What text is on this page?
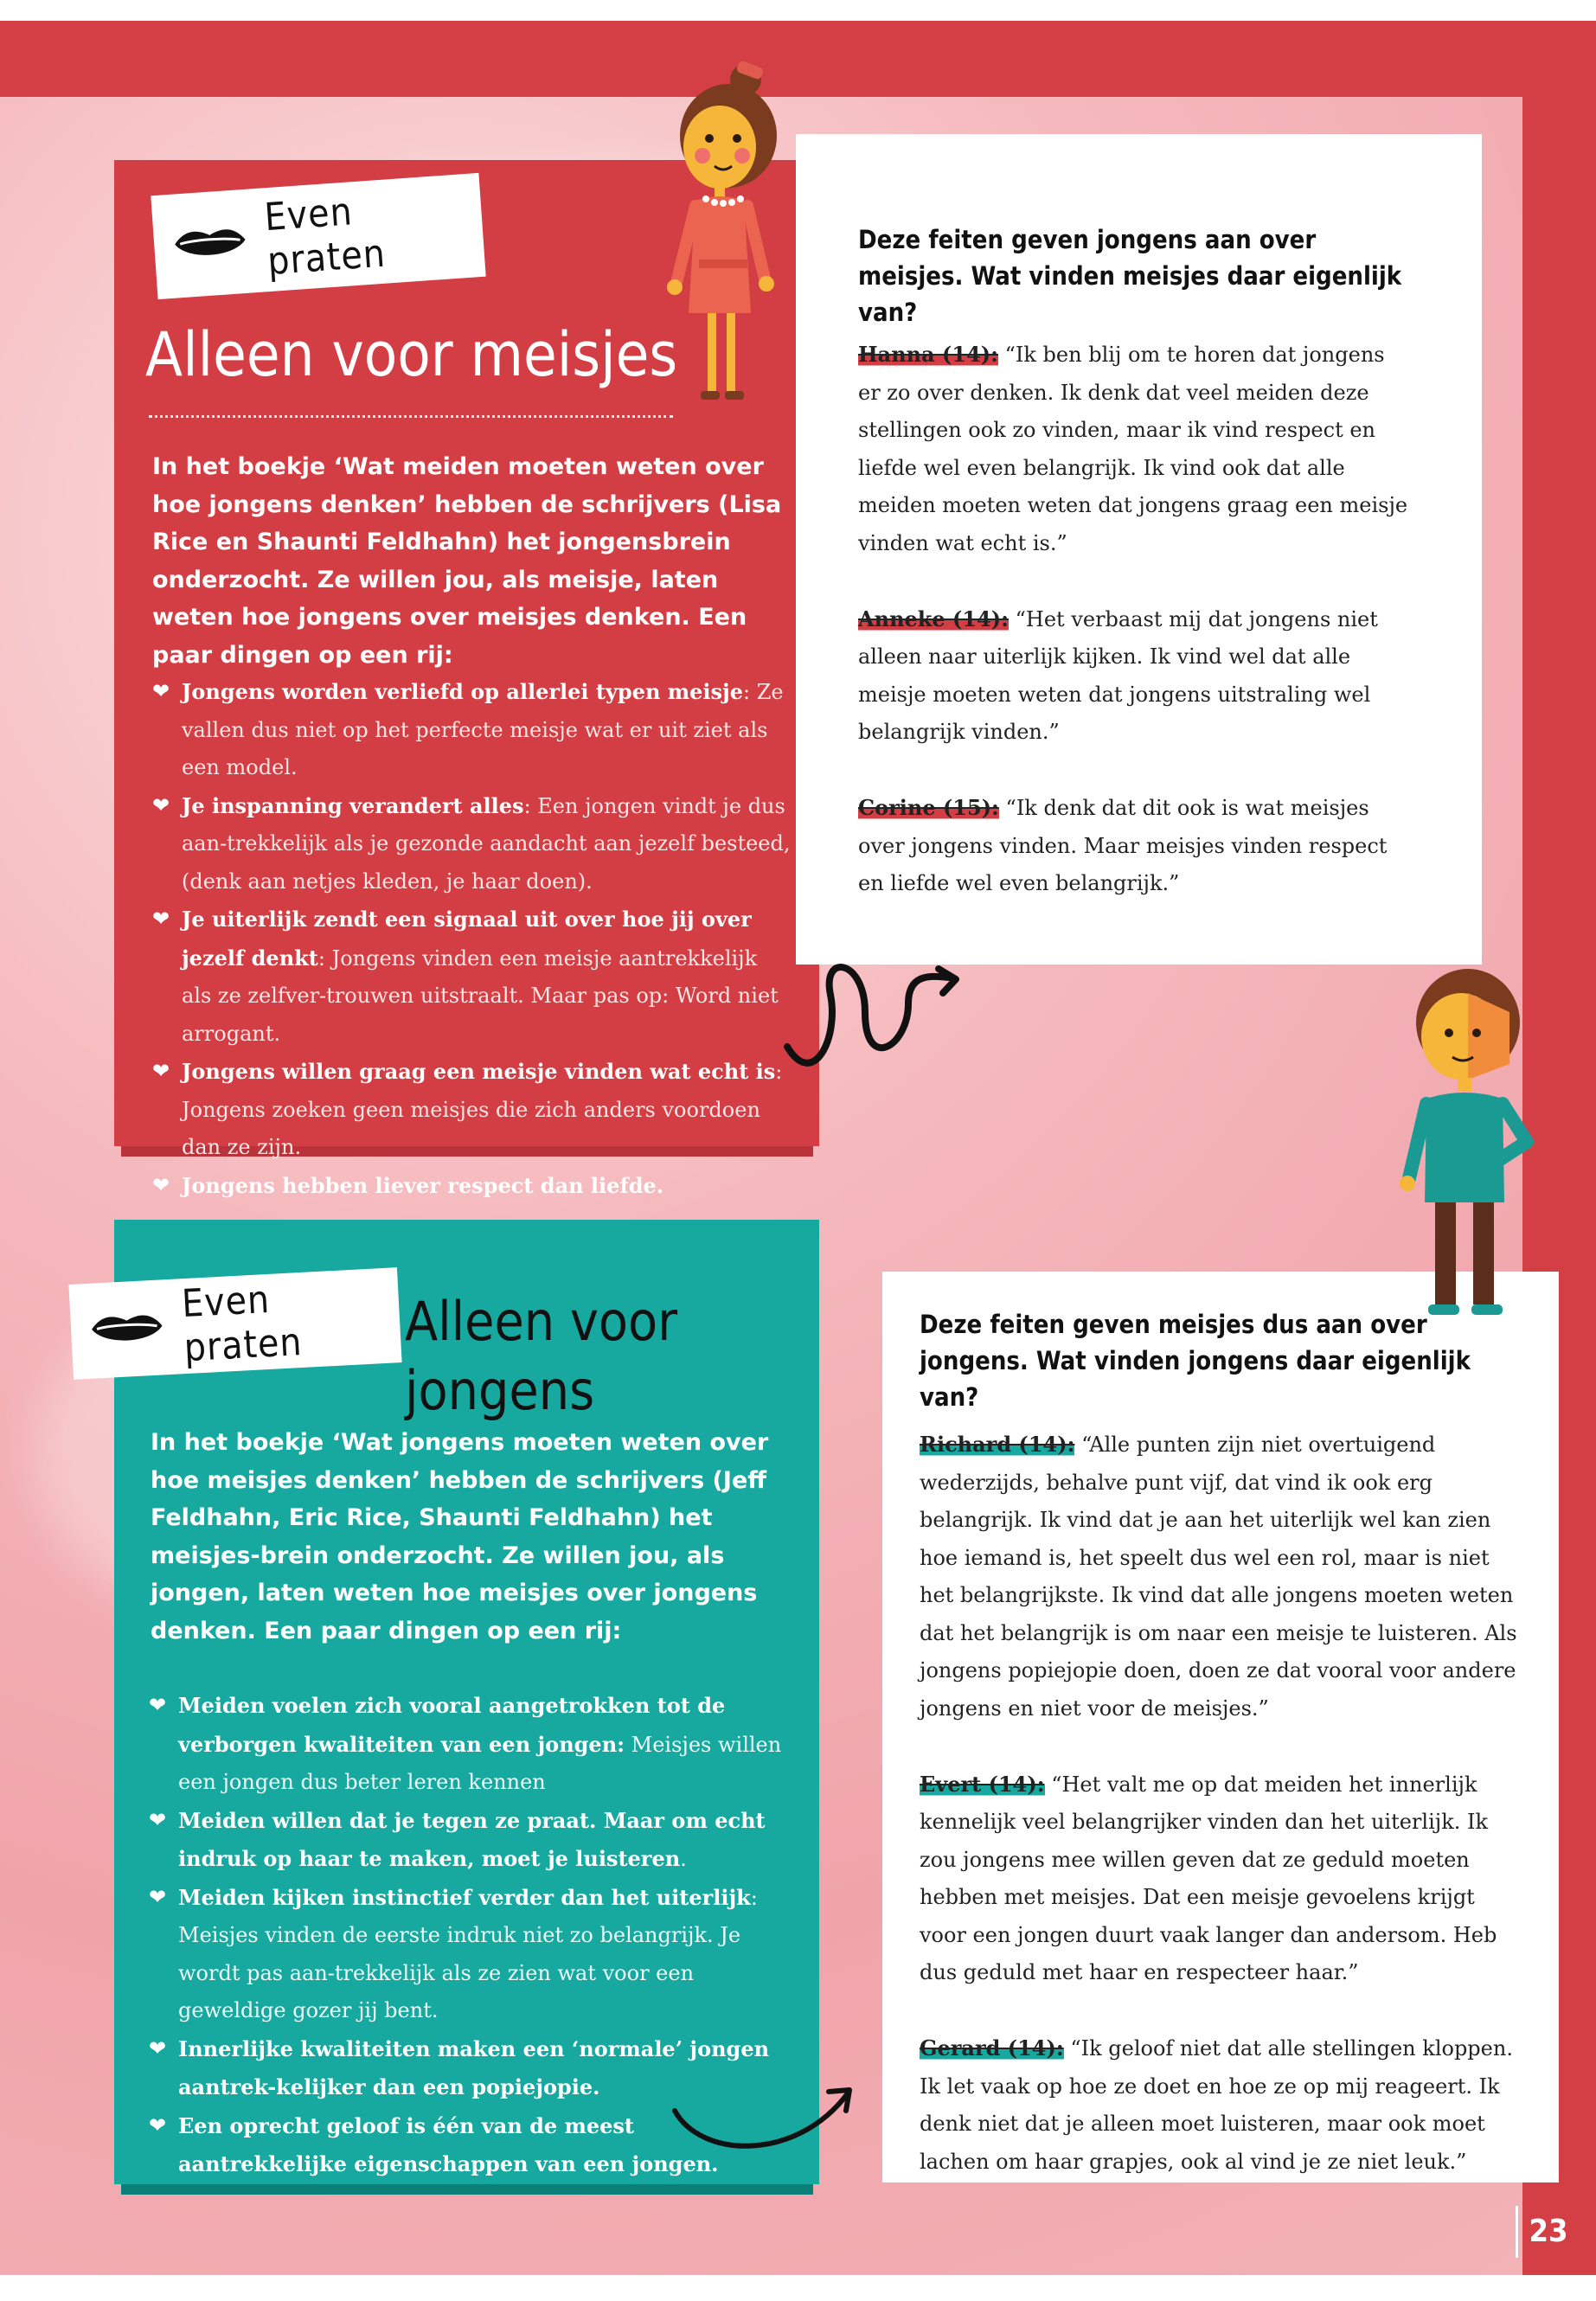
23
Even praten
Alleen voor meisjes
In het boekje ‘Wat meiden moeten weten over hoe jongens denken’ hebben de schrijvers (Lisa Rice en Shaunti Feldhahn) het jongensbrein onderzocht. Ze willen jou, als meisje, laten weten hoe jongens over meisjes denken. Een paar dingen op een rij:
❤ Jongens worden verliefd op allerlei typen meisje: Ze vallen dus niet op het perfecte meisje wat er uit ziet als een model.
❤ Je inspanning verandert alles: Een jongen vindt je dus aan-trekkelijk als je gezonde aandacht aan jezelf besteed, (denk aan netjes kleden, je haar doen).
❤ Je uiterlijk zendt een signaal uit over hoe jij over jezelf denkt: Jongens vinden een meisje aantrekkelijk als ze zelfver-trouwen uitstraalt. Maar pas op: Word niet arrogant.
❤ Jongens willen graag een meisje vinden wat echt is: Jongens zoeken geen meisjes die zich anders voordoen dan ze zijn.
❤ Jongens hebben liever respect dan liefde.
Deze feiten geven jongens aan over meisjes. Wat vinden meisjes daar eigenlijk van?

Hanna (14): “Ik ben blij om te horen dat jongens er zo over denken. Ik denk dat veel meiden deze stellingen ook zo vinden, maar ik vind respect en liefde wel even belangrijk. Ik vind ook dat alle meiden moeten weten dat jongens graag een meisje vinden wat echt is.”

Anneke (14): “Het verbaast mij dat jongens niet alleen naar uiterlijk kijken. Ik vind wel dat alle meisje moeten weten dat jongens uitstraling wel belangrijk vinden.”

Corine (15): “Ik denk dat dit ook is wat meisjes over jongens vinden. Maar meisjes vinden respect en liefde wel even belangrijk.”

Even praten	Alleen voor jongens
In het boekje ‘Wat jongens moeten weten over hoe meisjes denken’ hebben de schrijvers (Jeff Feldhahn, Eric Rice, Shaunti Feldhahn) het meisjes-brein onderzocht. Ze willen jou, als jongen, laten weten hoe meisjes over jongens denken. Een paar dingen op een rij:
❤ Meiden voelen zich vooral aangetrokken tot de verborgen kwaliteiten van een jongen: Meisjes willen een jongen dus beter leren kennen
❤ Meiden willen dat je tegen ze praat. Maar om echt indruk op haar te maken, moet je luisteren.
❤ Meiden kijken instinctief verder dan het uiterlijk: Meisjes vinden de eerste indruk niet zo belangrijk. Je wordt pas aan-trekkelijk als ze zien wat voor een geweldige gozer jij bent.
❤ Innerlijke kwaliteiten maken een ‘normale’ jongen aantrek-kelijker dan een popiejopie.
❤ Een oprecht geloof is één van de meest aantrekkelijke eigenschappen van een jongen.
Deze feiten geven meisjes dus aan over jongens. Wat vinden jongens daar eigenlijk van?

Richard (14): “Alle punten zijn niet overtuigend wederzijds, behalve punt vijf, dat vind ik ook erg belangrijk. Ik vind dat je aan het uiterlijk wel kan zien hoe iemand is, het speelt dus wel een rol, maar is niet het belangrijkste. Ik vind dat alle jongens moeten weten dat het belangrijk is om naar een meisje te luisteren. Als jongens popiejopie doen, doen ze dat vooral voor andere jongens en niet voor de meisjes.”

Evert (14): “Het valt me op dat meiden het innerlijk kennelijk veel belangrijker vinden dan het uiterlijk. Ik zou jongens mee willen geven dat ze geduld moeten hebben met meisjes. Dat een meisje gevoelens krijgt voor een jongen duurt vaak langer dan andersom. Heb dus geduld met haar en respecteer haar.”

Gerard (14): “Ik geloof niet dat alle stellingen kloppen. Ik let vaak op hoe ze doet en hoe ze op mij reageert. Ik denk niet dat je alleen moet luisteren, maar ook moet lachen om haar grapjes, ook al vind je ze niet leuk.”
